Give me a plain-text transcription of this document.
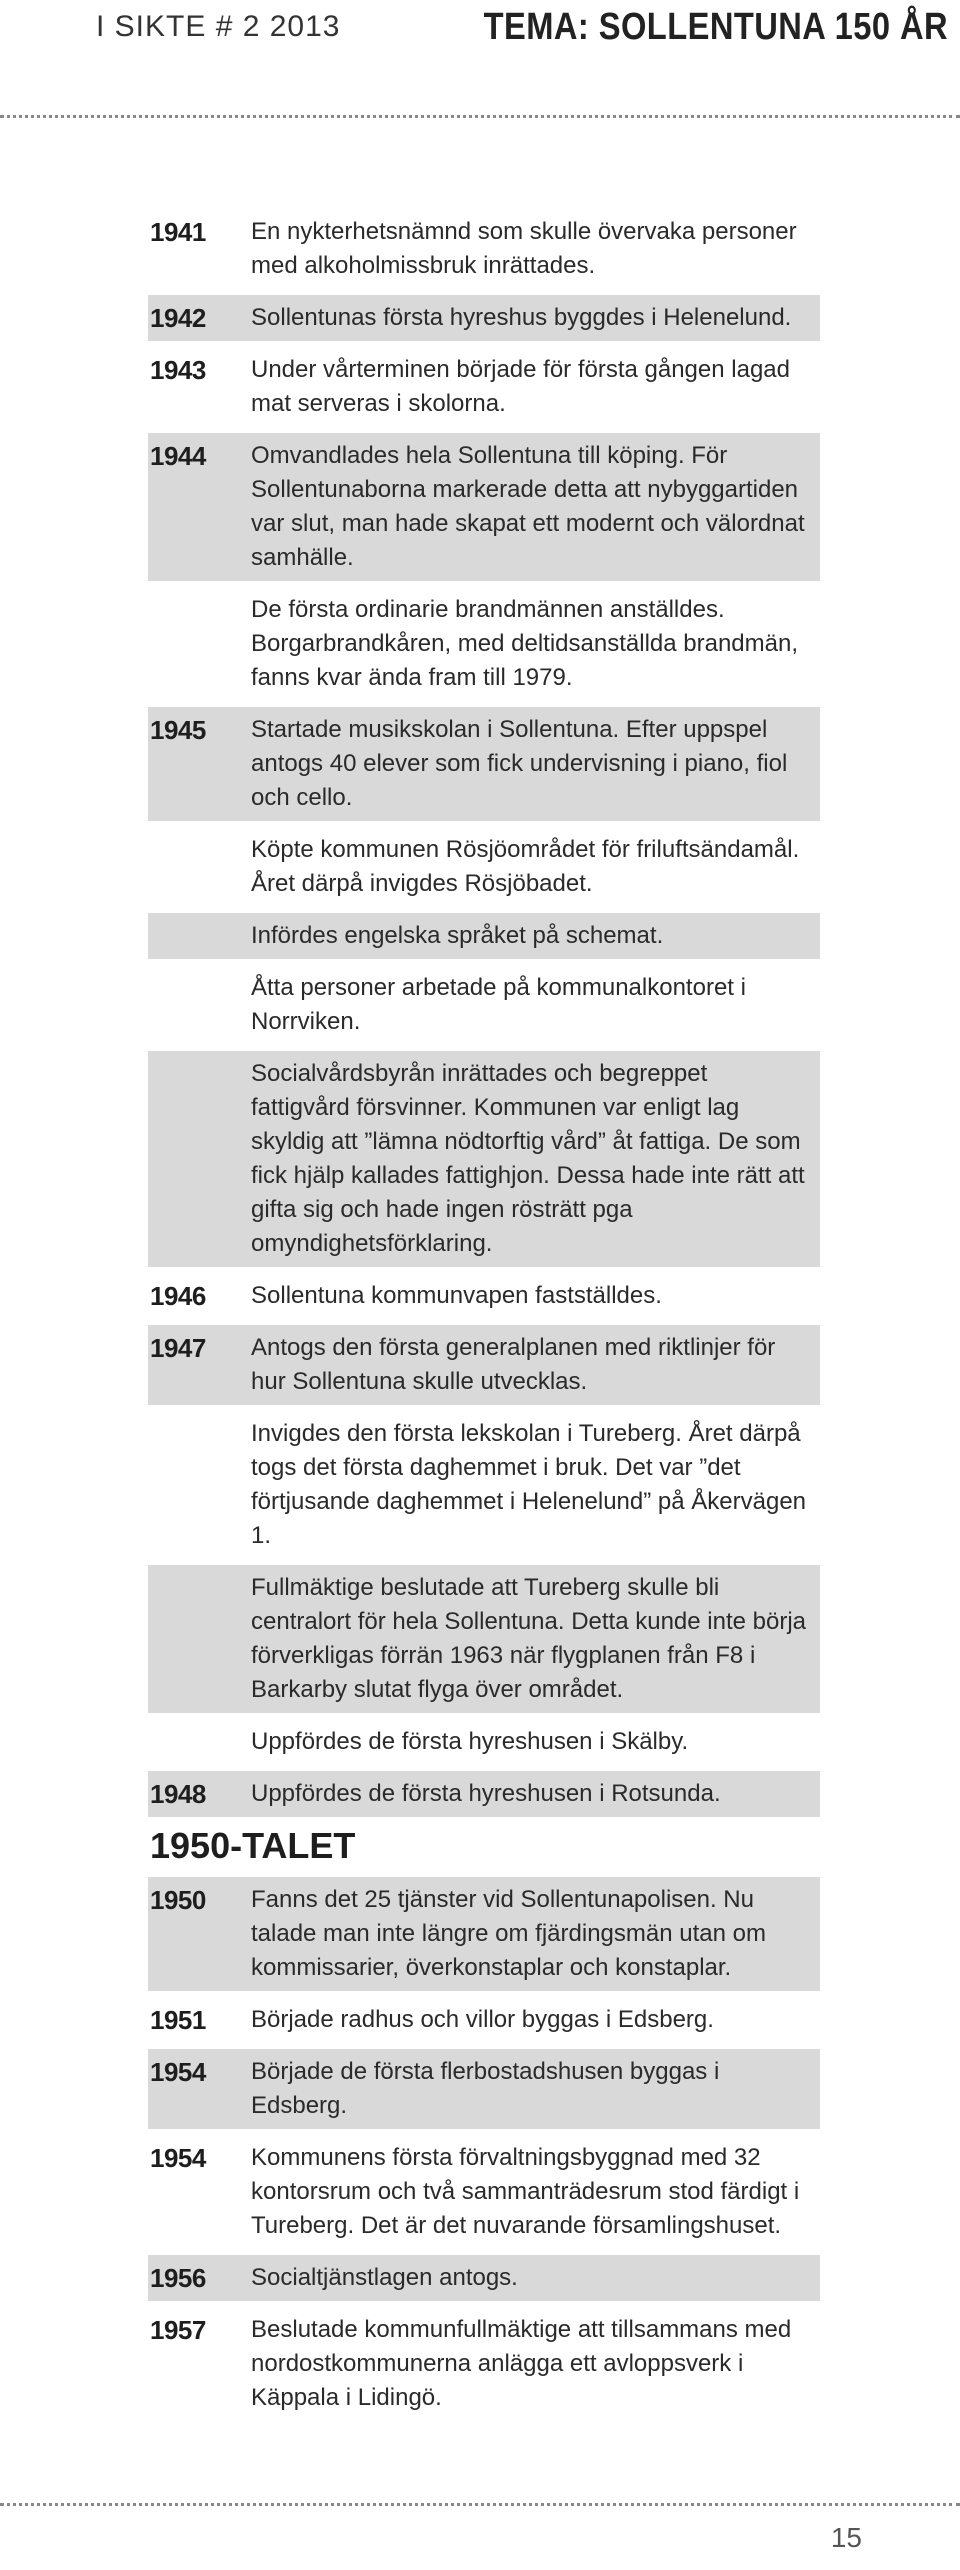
I SIKTE # 2 2013	TEMA: SOLLENTUNA 150 ÅR
1941 En nykterhetsnämnd som skulle övervaka personer med alkoholmissbruk inrättades.
1942 Sollentunas första hyreshus byggdes i Helenelund.
1943 Under vårterminen började för första gången lagad mat serveras i skolorna.
1944 Omvandlades hela Sollentuna till köping. För Sollentunaborna markerade detta att nybyggartiden var slut, man hade skapat ett modernt och välordnat samhälle.
De första ordinarie brandmännen anställdes. Borgarbrandkåren, med deltidsanställda brandmän, fanns kvar ända fram till 1979.
1945 Startade musikskolan i Sollentuna. Efter uppspel antogs 40 elever som fick undervisning i piano, fiol och cello.
Köpte kommunen Rösjöområdet för friluftsändamål. Året därpå invigdes Rösjöbadet.
Infördes engelska språket på schemat.
Åtta personer arbetade på kommunalkontoret i Norrviken.
Socialvårdsbyrån inrättades och begreppet fattigvård försvinner. Kommunen var enligt lag skyldig att ”lämna nödtorftig vård” åt fattiga. De som fick hjälp kallades fattighjon. Dessa hade inte rätt att gifta sig och hade ingen rösträtt pga omyndighetsförklaring.
1946 Sollentuna kommunvapen fastställdes.
1947 Antogs den första generalplanen med riktlinjer för hur Sollentuna skulle utvecklas.
Invigdes den första lekskolan i Tureberg. Året därpå togs det första daghemmet i bruk. Det var ”det förtjusande daghemmet i Helenelund” på Åkervägen 1.
Fullmäktige beslutade att Tureberg skulle bli centralort för hela Sollentuna. Detta kunde inte börja förverkligas förrän 1963 när flygplanen från F8 i Barkarby slutat flyga över området.
Uppfördes de första hyreshusen i Skälby.
1948 Uppfördes de första hyreshusen i Rotsunda.
1950-TALET
1950 Fanns det 25 tjänster vid Sollentunapolisen. Nu talade man inte längre om fjärdingsmän utan om kommissarier, överkonstaplar och konstaplar.
1951 Började radhus och villor byggas i Edsberg.
1954 Började de första flerbostadshusen byggas i Edsberg.
1954 Kommunens första förvaltningsbyggnad med 32 kontorsrum och två sammanträdesrum stod färdigt i Tureberg. Det är det nuvarande församlingshuset.
1956 Socialtjänstlagen antogs.
1957 Beslutade kommunfullmäktige att tillsammans med nordostkommunerna anlägga ett avloppsverk i Käppala i Lidingö.
15
